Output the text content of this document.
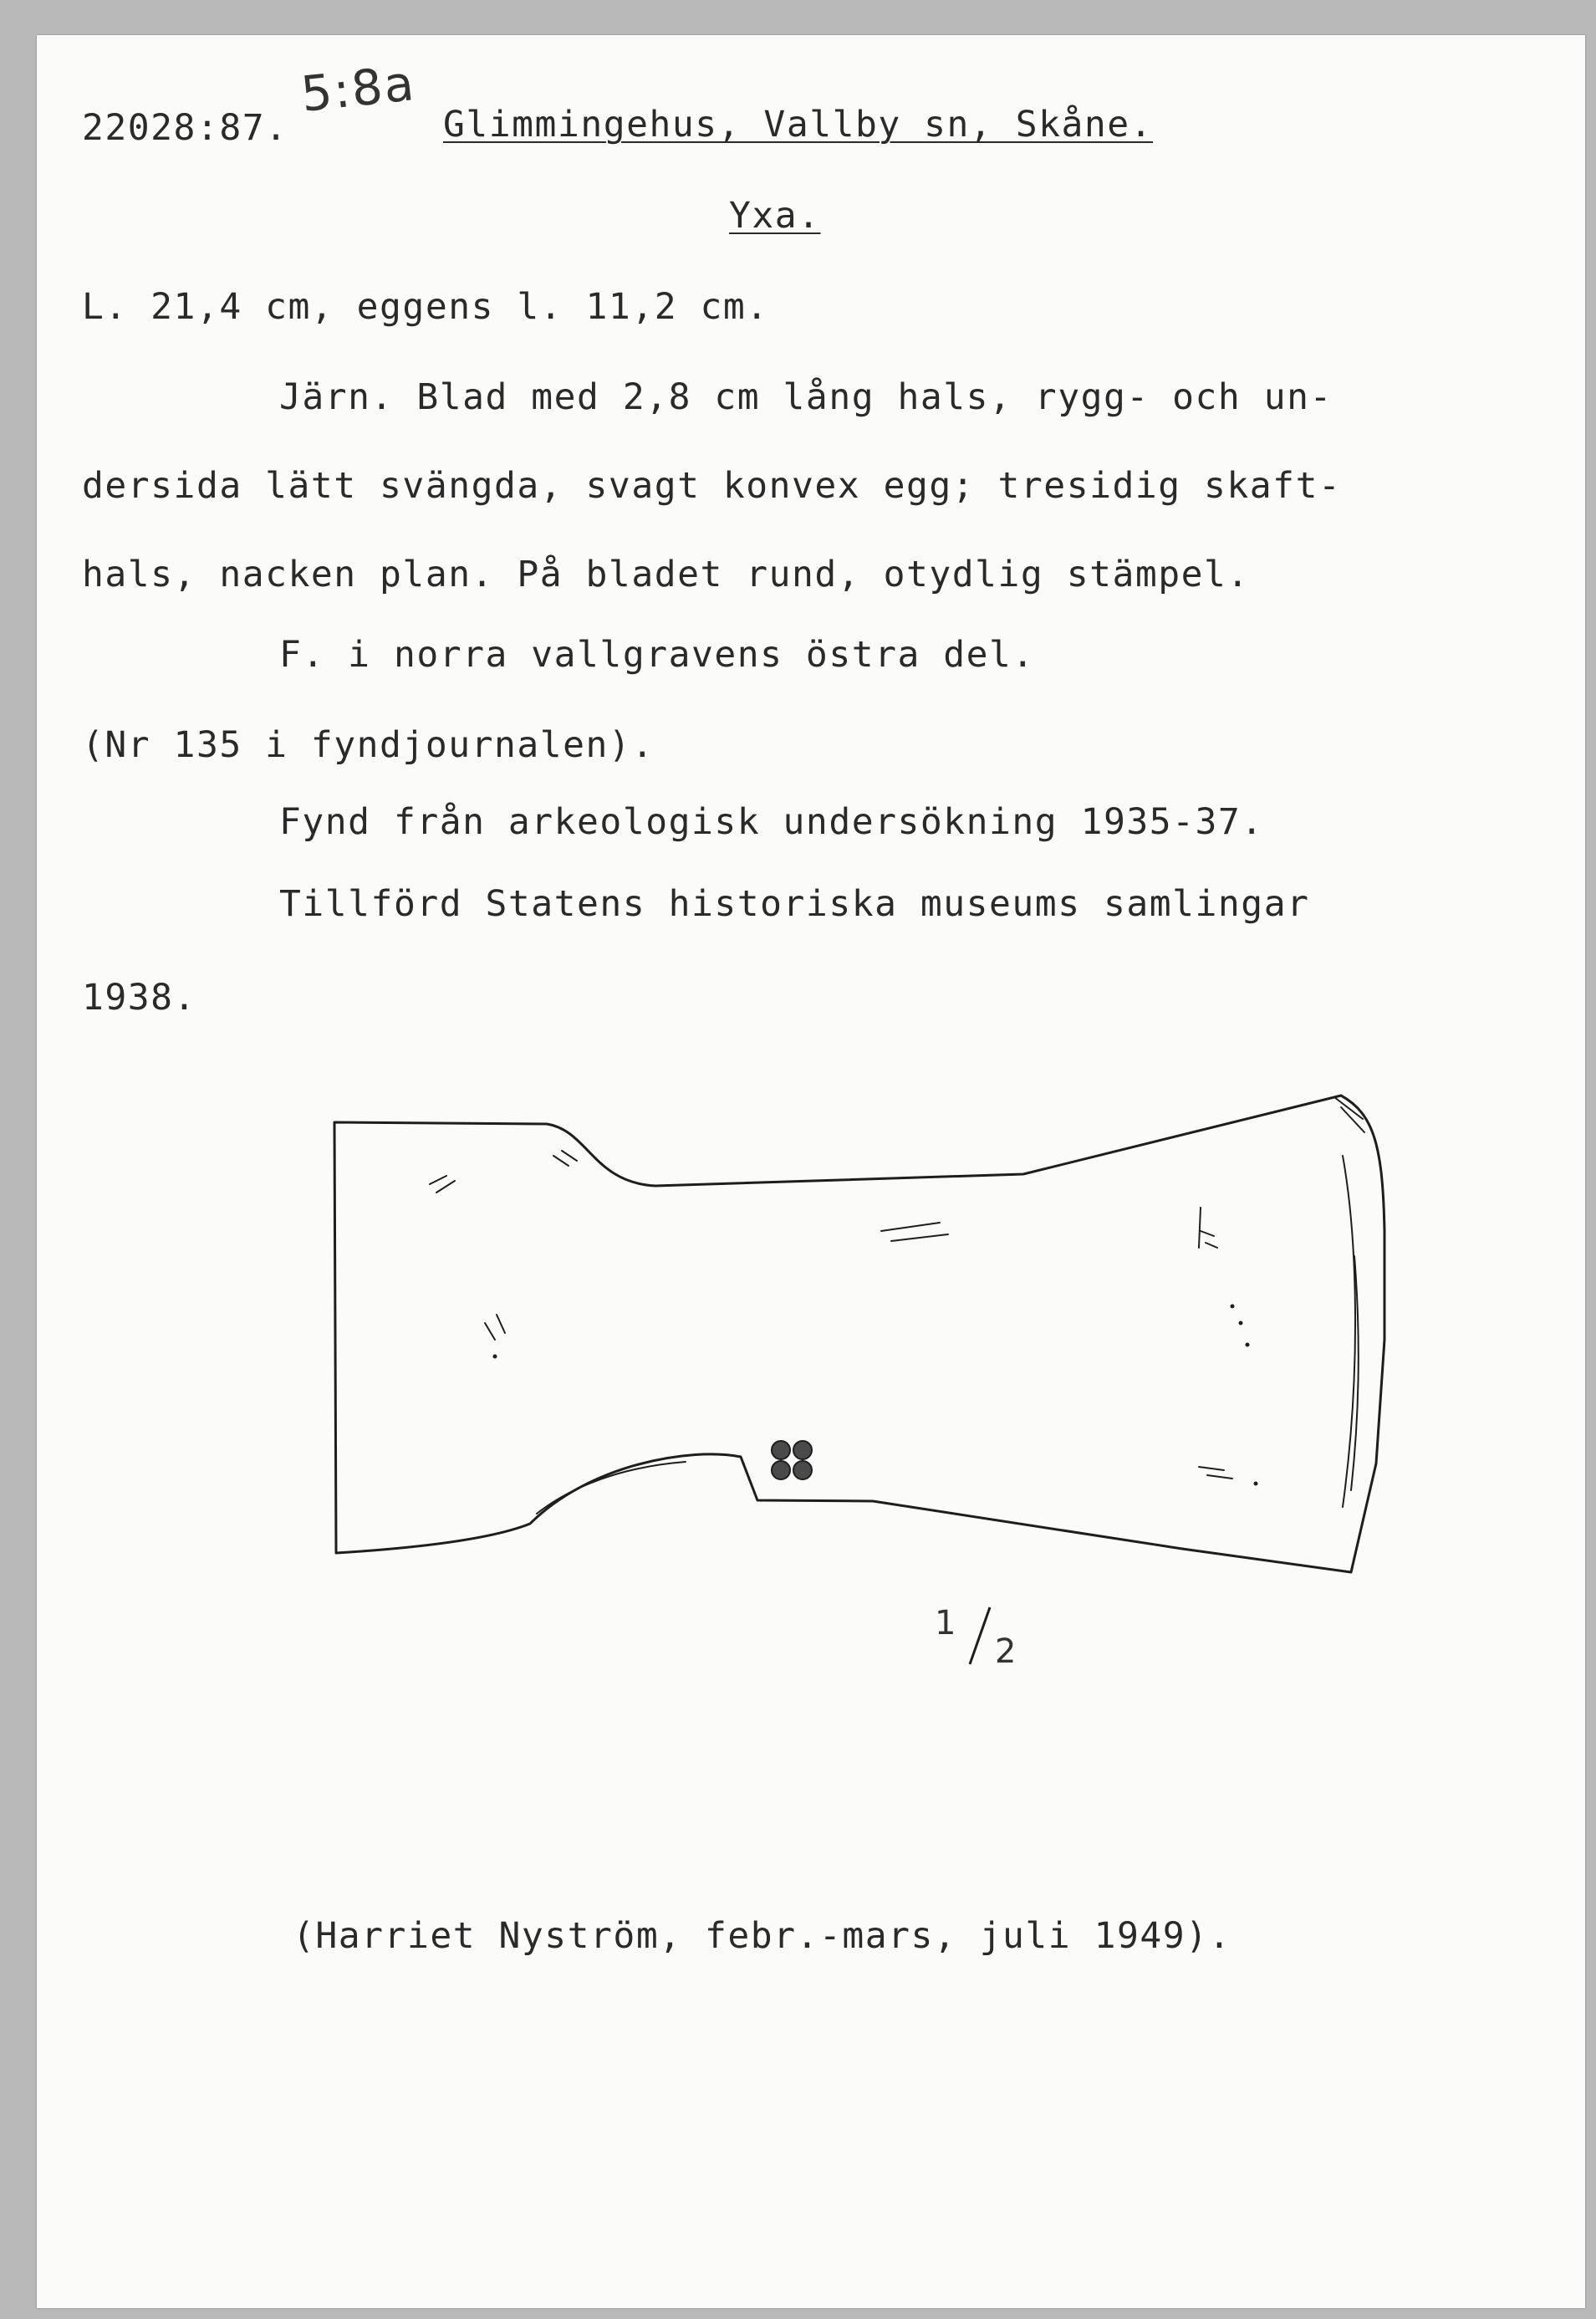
5:8a
22028:87.	Glimmingehus, Vallby sn, Skåne.
Yxa.
L. 21,4 cm, eggens l. 11,2 cm.
Järn. Blad med 2,8 cm lång hals, rygg- och un-
dersida lätt svängda, svagt konvex egg; tresidig skaft-
hals, nacken plan. På bladet rund, otydlig stämpel.
F. i norra vallgravens östra del.
(Nr 135 i fyndjournalen).
Fynd från arkeologisk undersökning 1935-37.
Tillförd Statens historiska museums samlingar
1938.
1
2
(Harriet Nyström, febr.-mars, juli 1949).
